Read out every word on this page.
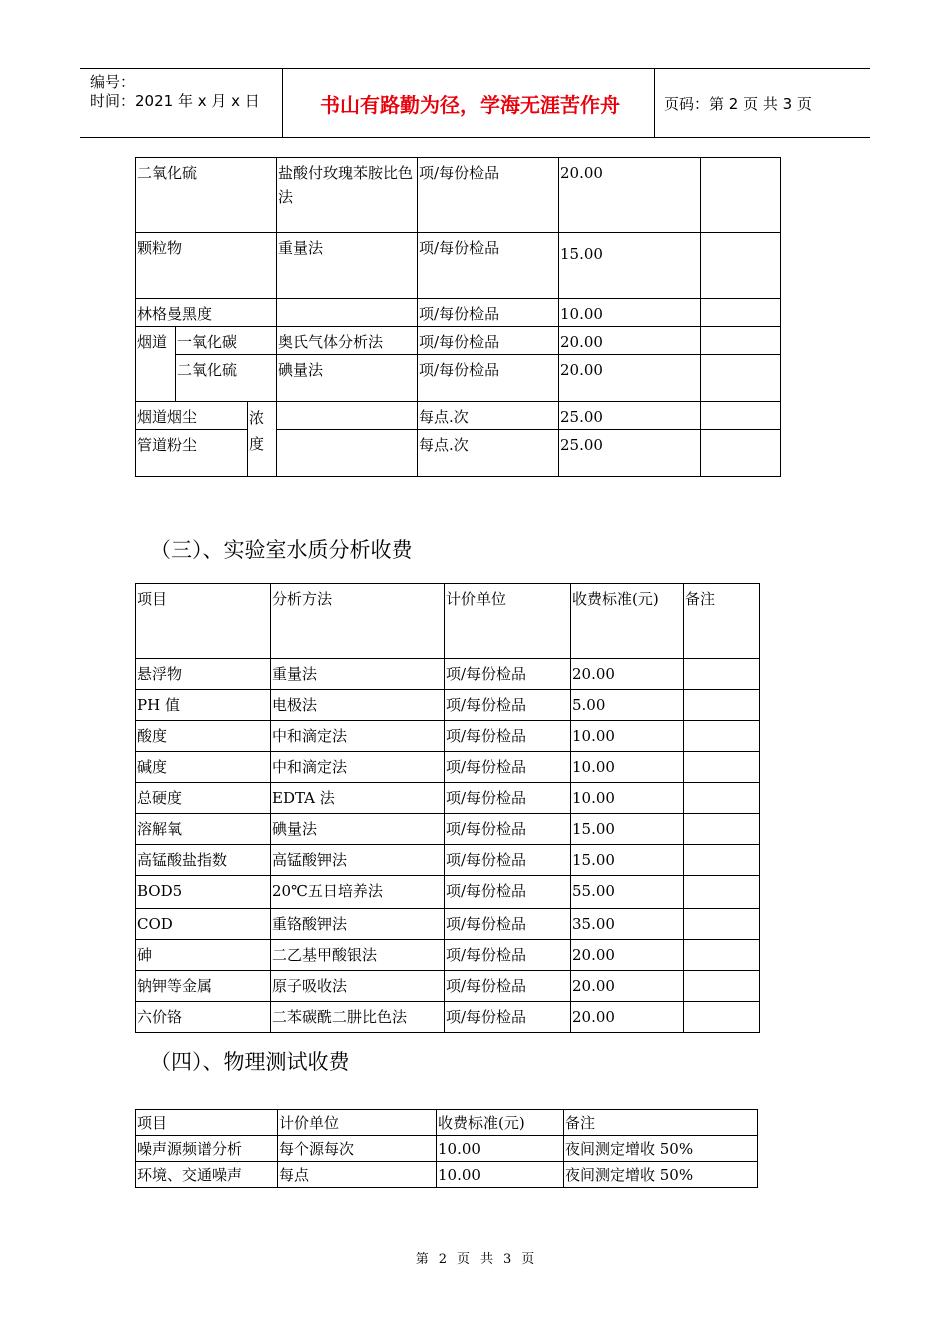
编号：
时间：2021 年 x 月 x 日	书山有路勤为径，学海无涯苦作舟	页码：第 2 页 共 3 页
二氧化硫			盐酸付玫瑰苯胺比色法	项/每份检品	20.00	
颗粒物			重量法	项/每份检品	15.00	
林格曼黑度				项/每份检品	10.00	
烟道	一氧化碳		奥氏气体分析法	项/每份检品	20.00	
	二氧化硫		碘量法	项/每份检品	20.00	
烟道烟尘		浓度		每点.次	25.00	
管道粉尘				每点.次	25.00	
（三）、实验室水质分析收费
项目	分析方法	计价单位	收费标准(元)	备注
悬浮物	重量法	项/每份检品	20.00	
PH 值	电极法	项/每份检品	5.00	
酸度	中和滴定法	项/每份检品	10.00	
碱度	中和滴定法	项/每份检品	10.00	
总硬度	EDTA 法	项/每份检品	10.00	
溶解氧	碘量法	项/每份检品	15.00	
高锰酸盐指数	高锰酸钾法	项/每份检品	15.00	
BOD5	20℃五日培养法	项/每份检品	55.00	
COD	重铬酸钾法	项/每份检品	35.00	
砷	二乙基甲酸银法	项/每份检品	20.00	
钠钾等金属	原子吸收法	项/每份检品	20.00	
六价铬	二苯碳酰二肼比色法	项/每份检品	20.00	
（四）、物理测试收费
项目	计价单位	收费标准(元)	备注
噪声源频谱分析	每个源每次	10.00	夜间测定增收 50%
环境、交通噪声	每点	10.00	夜间测定增收 50%
第 2 页 共 3 页
